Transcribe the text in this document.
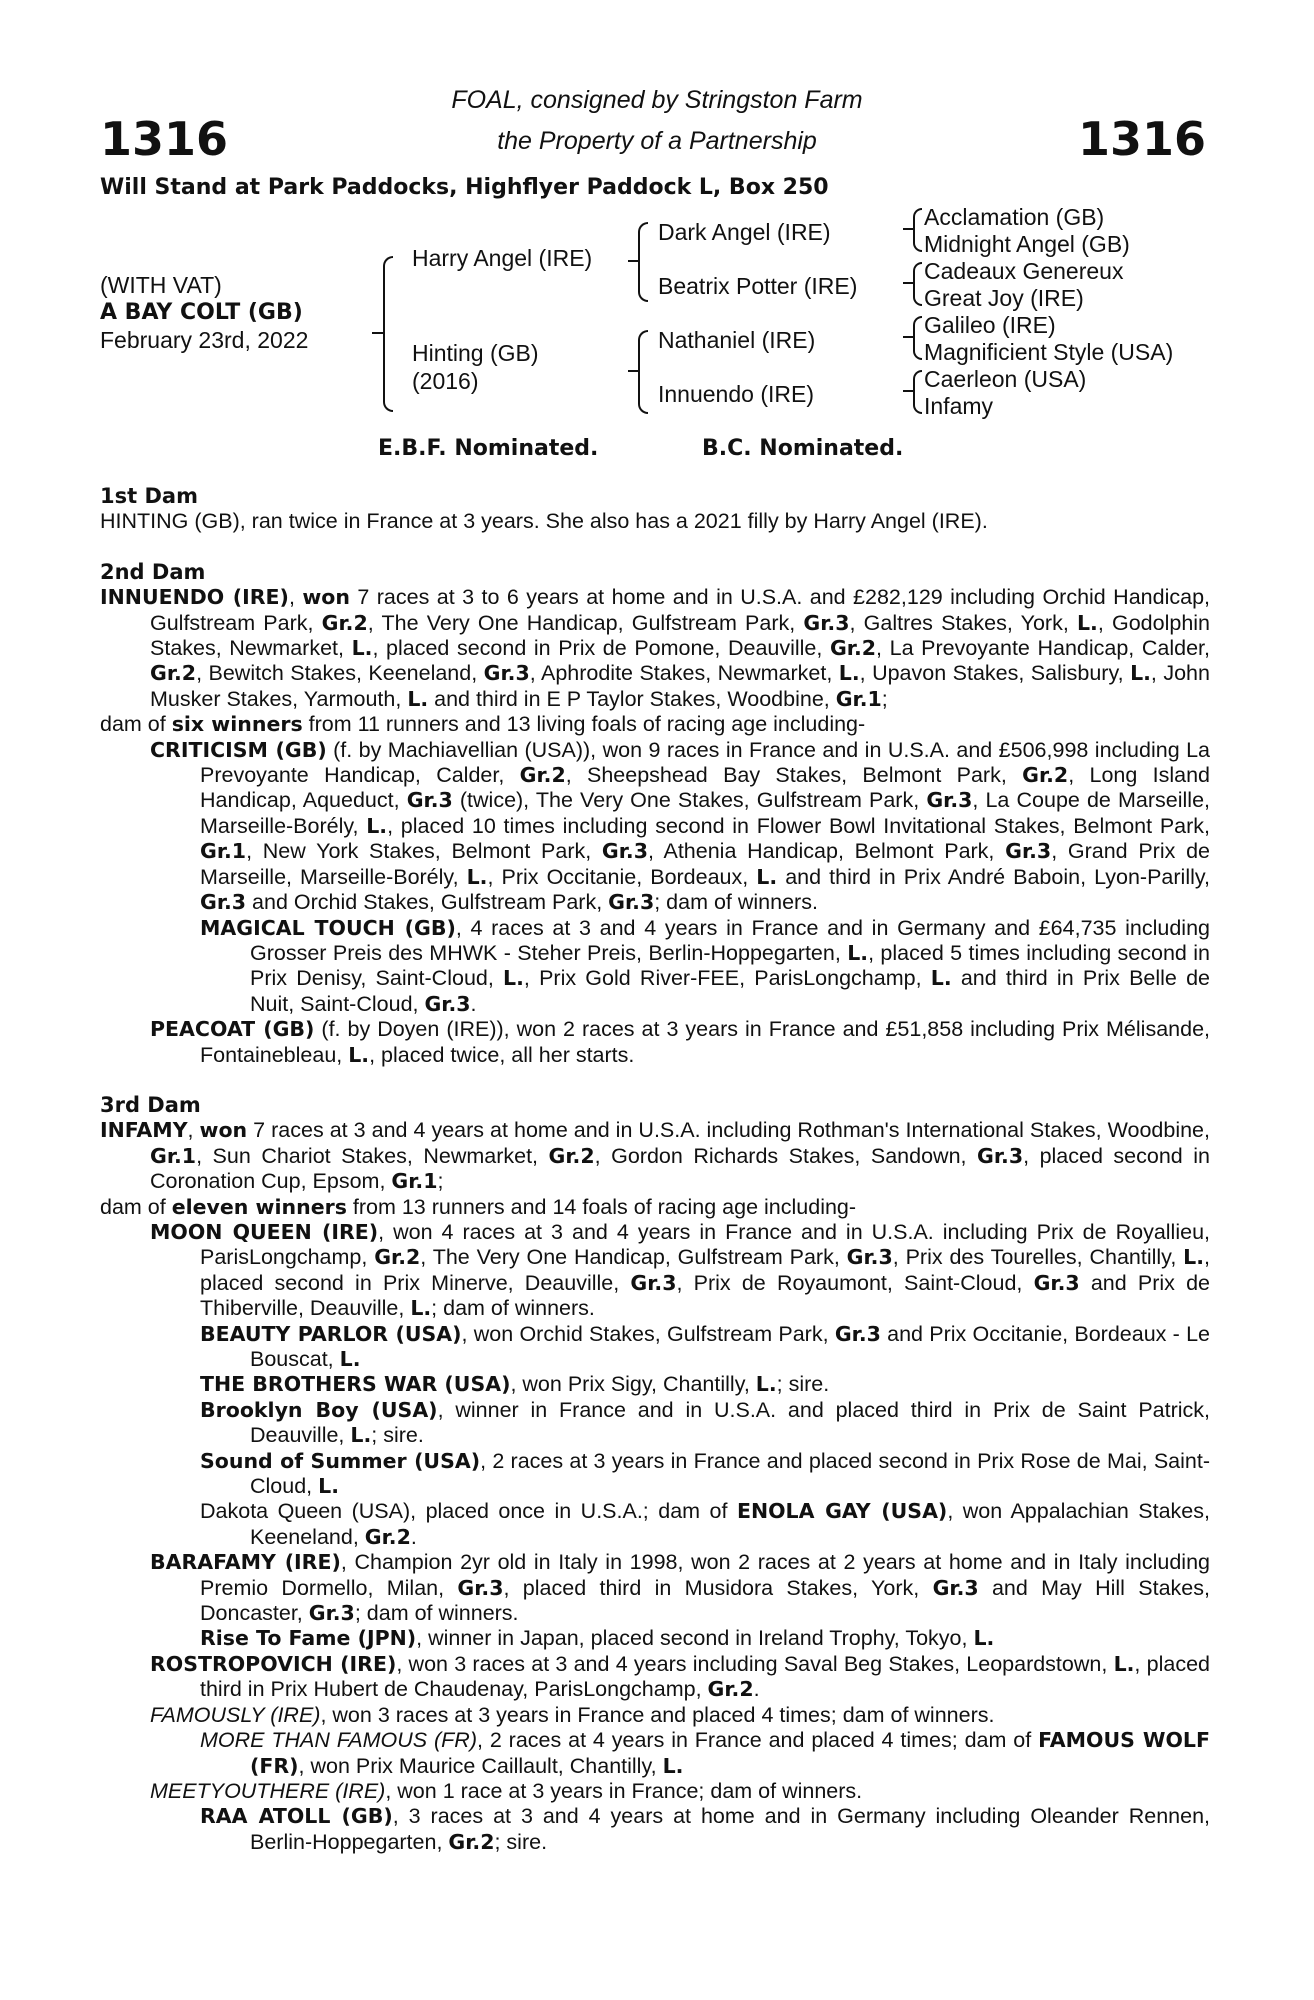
1316	1316
FOAL, consigned by Stringston Farm
the Property of a Partnership
Will Stand at Park Paddocks, Highflyer Paddock L, Box 250
(WITH VAT)
A BAY COLT (GB)
February 23rd, 2022
Harry Angel (IRE)
Hinting (GB)
(2016)
Dark Angel (IRE)
Beatrix Potter (IRE)
Nathaniel (IRE)
Innuendo (IRE)
Acclamation (GB)
Midnight Angel (GB)
Cadeaux Genereux
Great Joy (IRE)
Galileo (IRE)
Magnificient Style (USA)
Caerleon (USA)
Infamy
E.B.F. Nominated.	B.C. Nominated.
1st Dam

HINTING (GB), ran twice in France at 3 years. She also has a 2021 filly by Harry Angel (IRE).

2nd Dam

INNUENDO (IRE), won 7 races at 3 to 6 years at home and in U.S.A. and £282,129 including Orchid Handicap, Gulfstream Park, Gr.2, The Very One Handicap, Gulfstream Park, Gr.3, Galtres Stakes, York, L., Godolphin Stakes, Newmarket, L., placed second in Prix de Pomone, Deauville, Gr.2, La Prevoyante Handicap, Calder, Gr.2, Bewitch Stakes, Keeneland, Gr.3, Aphrodite Stakes, Newmarket, L., Upavon Stakes, Salisbury, L., John Musker Stakes, Yarmouth, L. and third in E P Taylor Stakes, Woodbine, Gr.1;

dam of six winners from 11 runners and 13 living foals of racing age including-

CRITICISM (GB) (f. by Machiavellian (USA)), won 9 races in France and in U.S.A. and £506,998 including La Prevoyante Handicap, Calder, Gr.2, Sheepshead Bay Stakes, Belmont Park, Gr.2, Long Island Handicap, Aqueduct, Gr.3 (twice), The Very One Stakes, Gulfstream Park, Gr.3, La Coupe de Marseille, Marseille-Borély, L., placed 10 times including second in Flower Bowl Invitational Stakes, Belmont Park, Gr.1, New York Stakes, Belmont Park, Gr.3, Athenia Handicap, Belmont Park, Gr.3, Grand Prix de Marseille, Marseille-Borély, L., Prix Occitanie, Bordeaux, L. and third in Prix André Baboin, Lyon-Parilly, Gr.3 and Orchid Stakes, Gulfstream Park, Gr.3; dam of winners.

MAGICAL TOUCH (GB), 4 races at 3 and 4 years in France and in Germany and £64,735 including Grosser Preis des MHWK - Steher Preis, Berlin-Hoppegarten, L., placed 5 times including second in Prix Denisy, Saint-Cloud, L., Prix Gold River-FEE, ParisLongchamp, L. and third in Prix Belle de Nuit, Saint-Cloud, Gr.3.

PEACOAT (GB) (f. by Doyen (IRE)), won 2 races at 3 years in France and £51,858 including Prix Mélisande, Fontainebleau, L., placed twice, all her starts.

3rd Dam

INFAMY, won 7 races at 3 and 4 years at home and in U.S.A. including Rothman's International Stakes, Woodbine, Gr.1, Sun Chariot Stakes, Newmarket, Gr.2, Gordon Richards Stakes, Sandown, Gr.3, placed second in Coronation Cup, Epsom, Gr.1;

dam of eleven winners from 13 runners and 14 foals of racing age including-

MOON QUEEN (IRE), won 4 races at 3 and 4 years in France and in U.S.A. including Prix de Royallieu, ParisLongchamp, Gr.2, The Very One Handicap, Gulfstream Park, Gr.3, Prix des Tourelles, Chantilly, L., placed second in Prix Minerve, Deauville, Gr.3, Prix de Royaumont, Saint-Cloud, Gr.3 and Prix de Thiberville, Deauville, L.; dam of winners.

BEAUTY PARLOR (USA), won Orchid Stakes, Gulfstream Park, Gr.3 and Prix Occitanie, Bordeaux - Le Bouscat, L.

THE BROTHERS WAR (USA), won Prix Sigy, Chantilly, L.; sire.

Brooklyn Boy (USA), winner in France and in U.S.A. and placed third in Prix de Saint Patrick, Deauville, L.; sire.

Sound of Summer (USA), 2 races at 3 years in France and placed second in Prix Rose de Mai, Saint-Cloud, L.

Dakota Queen (USA), placed once in U.S.A.; dam of ENOLA GAY (USA), won Appalachian Stakes, Keeneland, Gr.2.

BARAFAMY (IRE), Champion 2yr old in Italy in 1998, won 2 races at 2 years at home and in Italy including Premio Dormello, Milan, Gr.3, placed third in Musidora Stakes, York, Gr.3 and May Hill Stakes, Doncaster, Gr.3; dam of winners.

Rise To Fame (JPN), winner in Japan, placed second in Ireland Trophy, Tokyo, L.

ROSTROPOVICH (IRE), won 3 races at 3 and 4 years including Saval Beg Stakes, Leopardstown, L., placed third in Prix Hubert de Chaudenay, ParisLongchamp, Gr.2.

FAMOUSLY (IRE), won 3 races at 3 years in France and placed 4 times; dam of winners.

MORE THAN FAMOUS (FR), 2 races at 4 years in France and placed 4 times; dam of FAMOUS WOLF (FR), won Prix Maurice Caillault, Chantilly, L.

MEETYOUTHERE (IRE), won 1 race at 3 years in France; dam of winners.

RAA ATOLL (GB), 3 races at 3 and 4 years at home and in Germany including Oleander Rennen, Berlin-Hoppegarten, Gr.2; sire.
